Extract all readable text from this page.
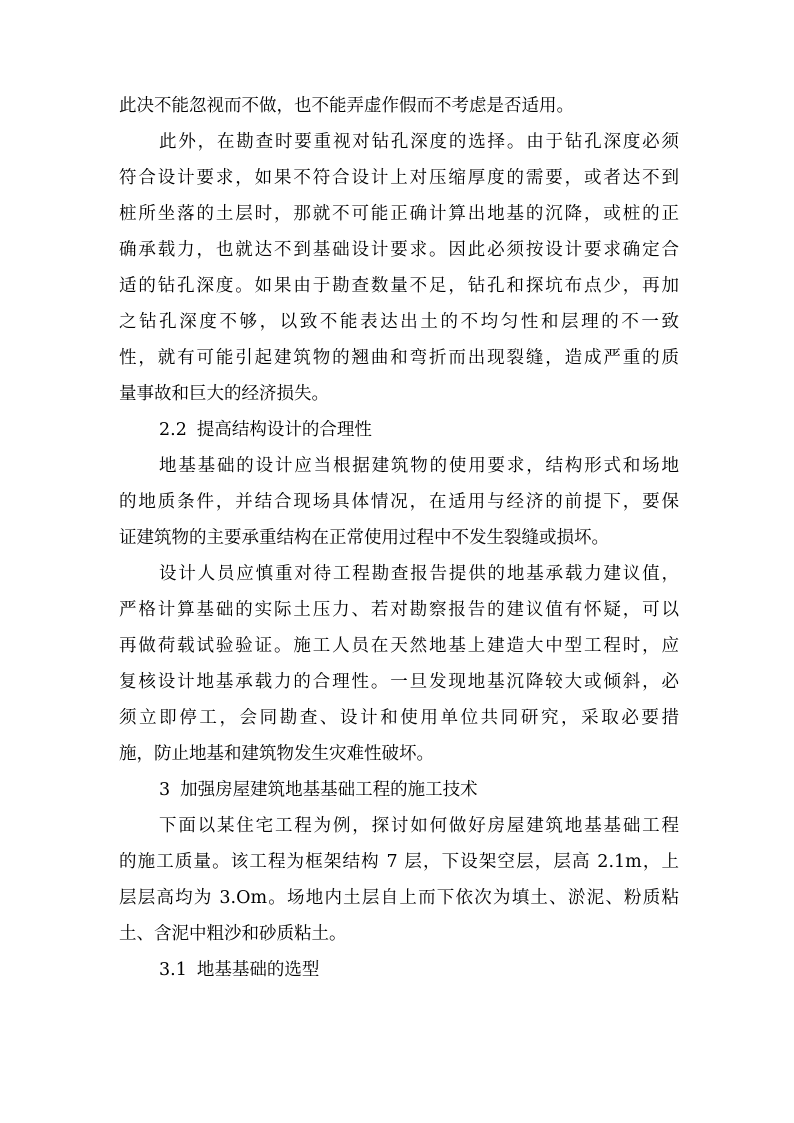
此决不能忽视而不做，也不能弄虚作假而不考虑是否适用。
此外，在勘查时要重视对钻孔深度的选择。由于钻孔深度必须
符合设计要求，如果不符合设计上对压缩厚度的需要，或者达不到
桩所坐落的土层时，那就不可能正确计算出地基的沉降，或桩的正
确承载力，也就达不到基础设计要求。因此必须按设计要求确定合
适的钻孔深度。如果由于勘查数量不足，钻孔和探坑布点少，再加
之钻孔深度不够，以致不能表达出土的不均匀性和层理的不一致
性，就有可能引起建筑物的翘曲和弯折而出现裂缝，造成严重的质
量事故和巨大的经济损失。
2.2 提高结构设计的合理性
地基基础的设计应当根据建筑物的使用要求，结构形式和场地
的地质条件，并结合现场具体情况，在适用与经济的前提下，要保
证建筑物的主要承重结构在正常使用过程中不发生裂缝或损坏。
设计人员应慎重对待工程勘查报告提供的地基承载力建议值，
严格计算基础的实际土压力、若对勘察报告的建议值有怀疑，可以
再做荷载试验验证。施工人员在天然地基上建造大中型工程时，应
复核设计地基承载力的合理性。一旦发现地基沉降较大或倾斜，必
须立即停工，会同勘查、设计和使用单位共同研究，采取必要措
施，防止地基和建筑物发生灾难性破坏。
3 加强房屋建筑地基基础工程的施工技术
下面以某住宅工程为例，探讨如何做好房屋建筑地基基础工程
的施工质量。该工程为框架结构 7 层，下设架空层，层高 2.1m，上
层层高均为 3.Om。场地内土层自上而下依次为填土、淤泥、粉质粘
土、含泥中粗沙和砂质粘土。
3.1 地基基础的选型
